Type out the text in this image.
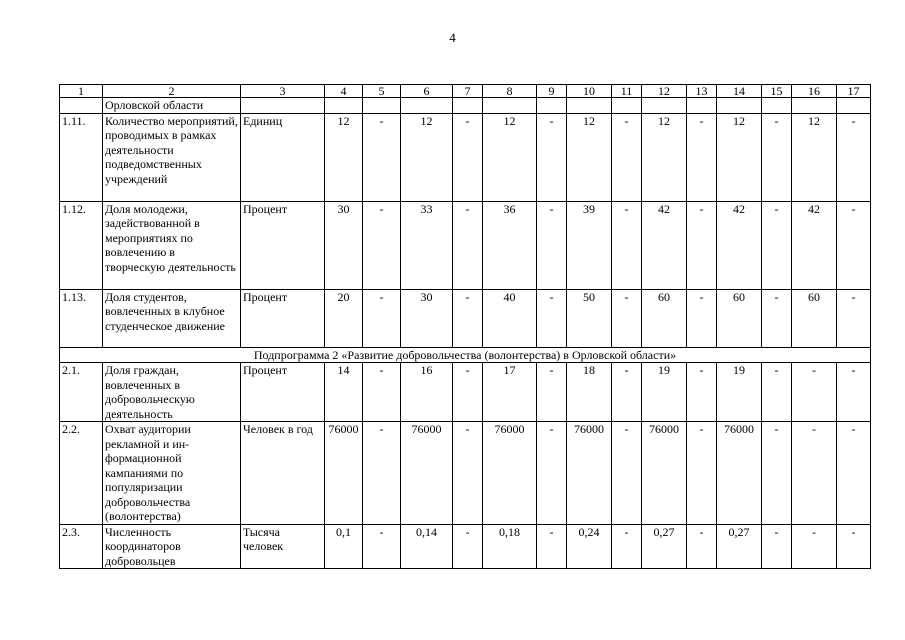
4
1	2	3	4	5	6	7	8	9	10	11	12	13	14	15	16	17
	Орловской области															
1.11.	Количество мероприятий, проводимых в рамках деятельности подведомственных учреждений	Единиц	12	-	12	-	12	-	12	-	12	-	12	-	12	-
1.12.	Доля молодежи, задействованной в мероприятиях по вовлечению в творческую деятельность	Процент	30	-	33	-	36	-	39	-	42	-	42	-	42	-
1.13.	Доля студентов, вовлеченных в клубное студенческое движение	Процент	20	-	30	-	40	-	50	-	60	-	60	-	60	-
Подпрограмма 2 «Развитие добровольчества (волонтерства) в Орловской области»																
2.1.	Доля граждан, вовлеченных в добровольческую деятельность	Процент	14	-	16	-	17	-	18	-	19	-	19	-	-	-
2.2.	Охват аудитории рекламной и ин-формационной кампаниями по популяризации добровольчества (волонтерства)	Человек в год	76000	-	76000	-	76000	-	76000	-	76000	-	76000	-	-	-
2.3.	Численность координаторов добровольцев	Тысяча человек	0,1	-	0,14	-	0,18	-	0,24	-	0,27	-	0,27	-	-	-
